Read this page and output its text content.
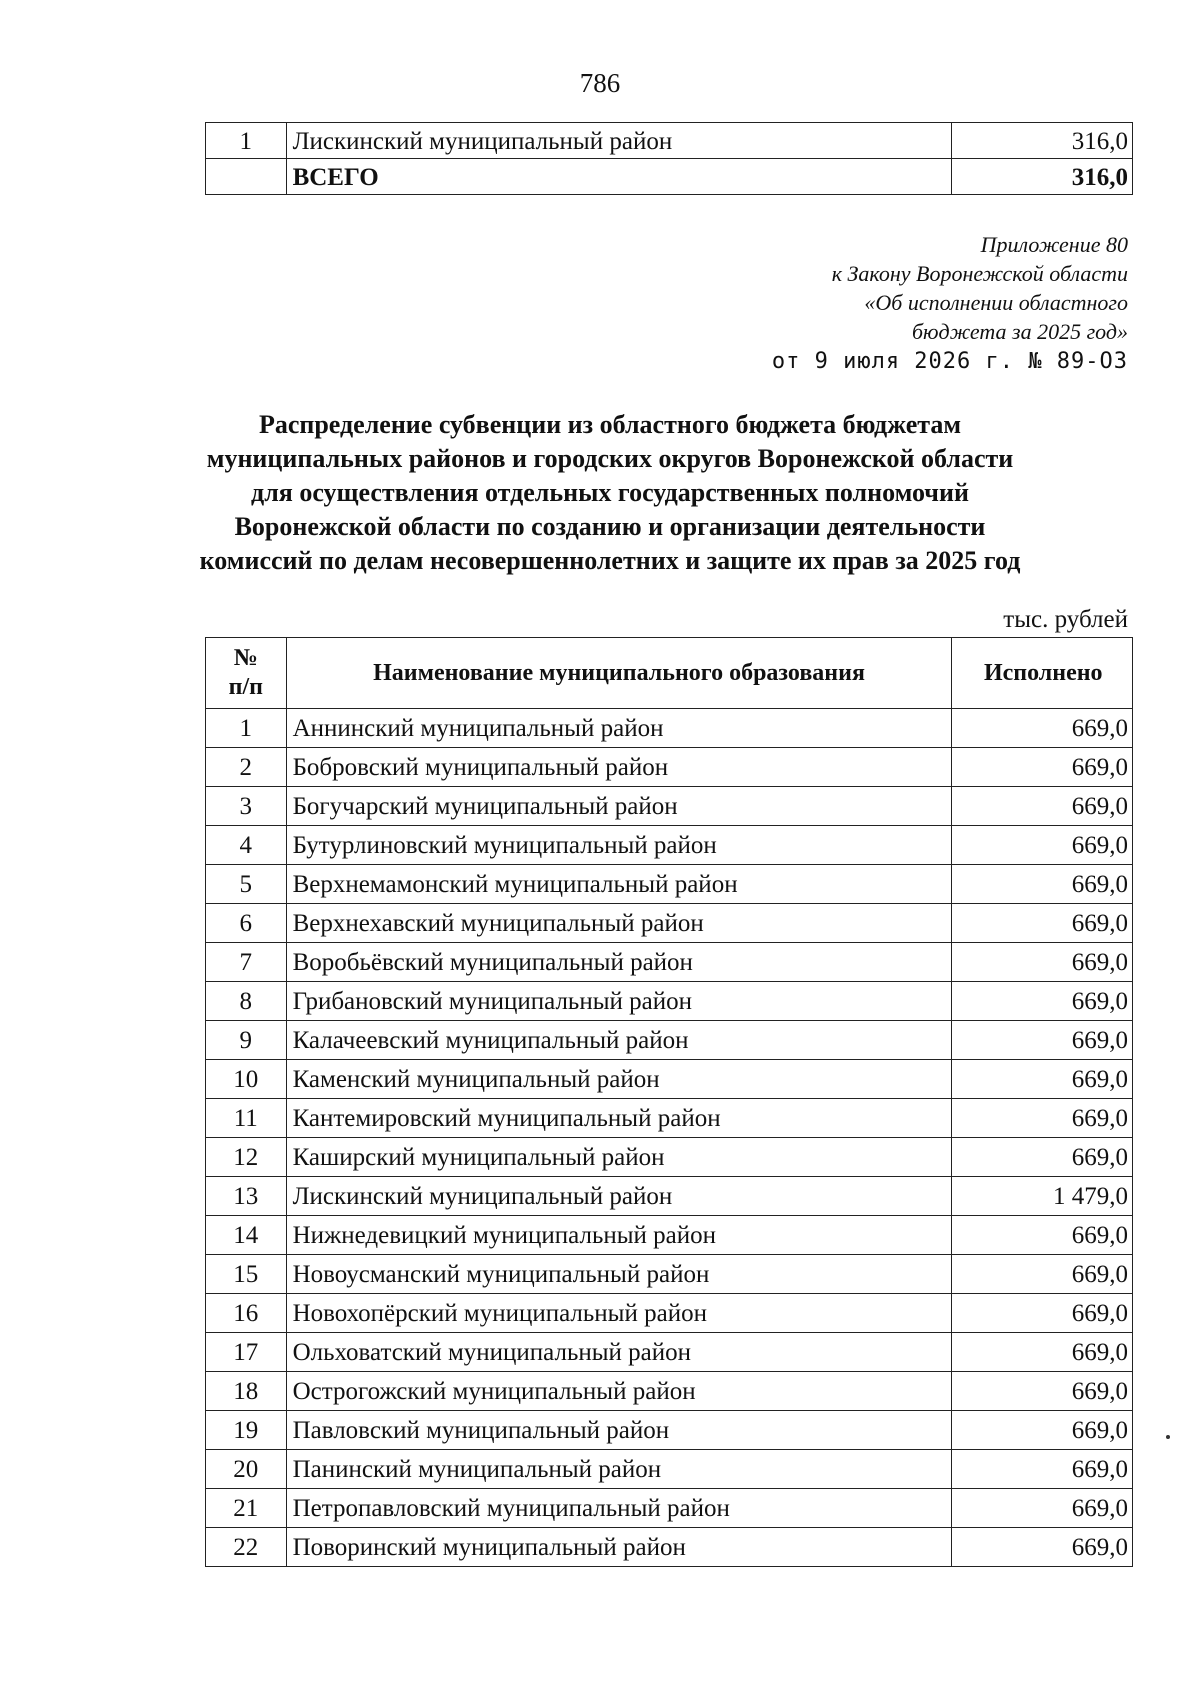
786
1	Лискинский муниципальный район	316,0
	ВСЕГО	316,0
Приложение 80
к Закону Воронежской области
«Об исполнении областного
бюджета за 2025 год»
от 9 июля 2026 г. № 89-ОЗ
Распределение субвенции из областного бюджета бюджетам
муниципальных районов и городских округов Воронежской области
для осуществления отдельных государственных полномочий
Воронежской области по созданию и организации деятельности
комиссий по делам несовершеннолетних и защите их прав за 2025 год
тыс. рублей
№
п/п	Наименование муниципального образования	Исполнено
1	Аннинский муниципальный район	669,0
2	Бобровский муниципальный район	669,0
3	Богучарский муниципальный район	669,0
4	Бутурлиновский муниципальный район	669,0
5	Верхнемамонский муниципальный район	669,0
6	Верхнехавский муниципальный район	669,0
7	Воробьёвский муниципальный район	669,0
8	Грибановский муниципальный район	669,0
9	Калачеевский муниципальный район	669,0
10	Каменский муниципальный район	669,0
11	Кантемировский муниципальный район	669,0
12	Каширский муниципальный район	669,0
13	Лискинский муниципальный район	1 479,0
14	Нижнедевицкий муниципальный район	669,0
15	Новоусманский муниципальный район	669,0
16	Новохопёрский муниципальный район	669,0
17	Ольховатский муниципальный район	669,0
18	Острогожский муниципальный район	669,0
19	Павловский муниципальный район	669,0
20	Панинский муниципальный район	669,0
21	Петропавловский муниципальный район	669,0
22	Поворинский муниципальный район	669,0
